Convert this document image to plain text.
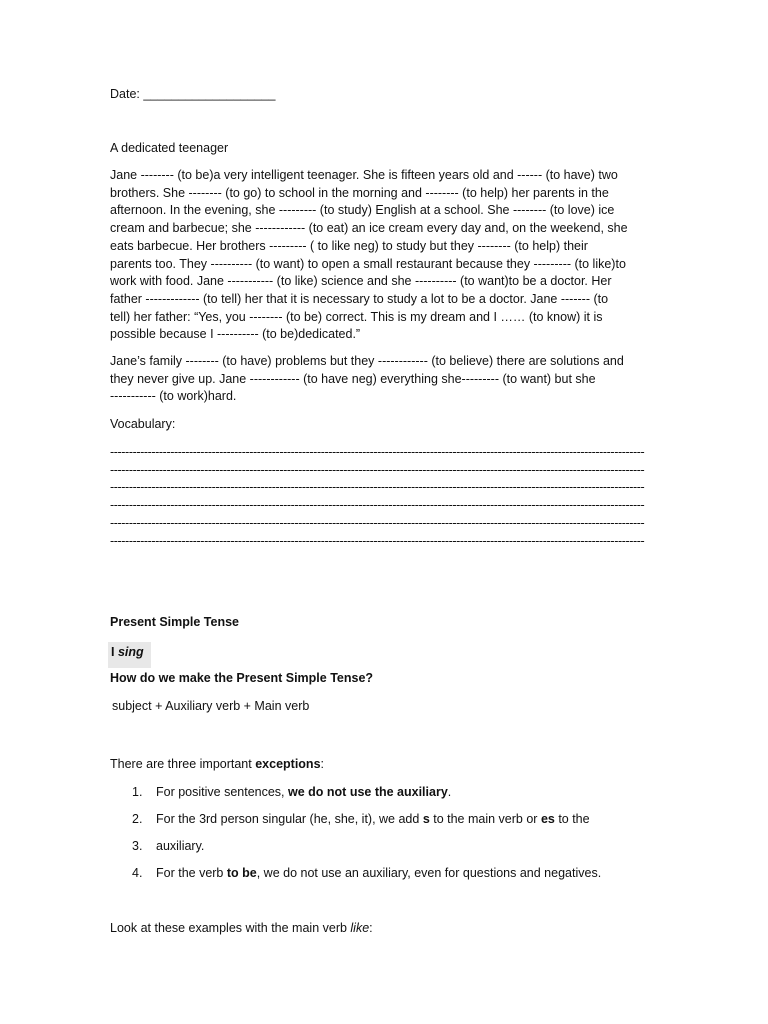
Date: ___________________
A dedicated teenager
Jane -------- (to be)a very intelligent teenager. She is fifteen years old and ------ (to have) two
brothers. She -------- (to go) to school in the morning and -------- (to help) her parents in the
afternoon. In the evening, she --------- (to study) English at a school. She -------- (to love) ice
cream and barbecue; she ------------ (to eat) an ice cream every day and, on the weekend, she
eats barbecue. Her brothers --------- ( to like neg) to study but they -------- (to help) their
parents too. They ---------- (to want) to open a small restaurant because they --------- (to like)to
work with food. Jane ----------- (to like) science and she ---------- (to want)to be a doctor. Her
father ------------- (to tell) her that it is necessary to study a lot to be a doctor. Jane ------- (to
tell) her father: “Yes, you -------- (to be) correct. This is my dream and I …… (to know) it is
possible because I ---------- (to be)dedicated.”
Jane’s family -------- (to have) problems but they ------------ (to believe) there are solutions and
they never give up. Jane ------------ (to have neg) everything she--------- (to want) but she
----------- (to work)hard.
Vocabulary:
----------------------------------------------------------------------------------------------------------------------------------------------
----------------------------------------------------------------------------------------------------------------------------------------------
----------------------------------------------------------------------------------------------------------------------------------------------
----------------------------------------------------------------------------------------------------------------------------------------------
----------------------------------------------------------------------------------------------------------------------------------------------
----------------------------------------------------------------------------------------------------------------------------------------------
Present Simple Tense
I sing
How do we make the Present Simple Tense?
subject + Auxiliary verb + Main verb
There are three important exceptions:
1. For positive sentences, we do not use the auxiliary.
2. For the 3rd person singular (he, she, it), we add s to the main verb or es to the
3. auxiliary.
4. For the verb to be, we do not use an auxiliary, even for questions and negatives.
Look at these examples with the main verb like:
